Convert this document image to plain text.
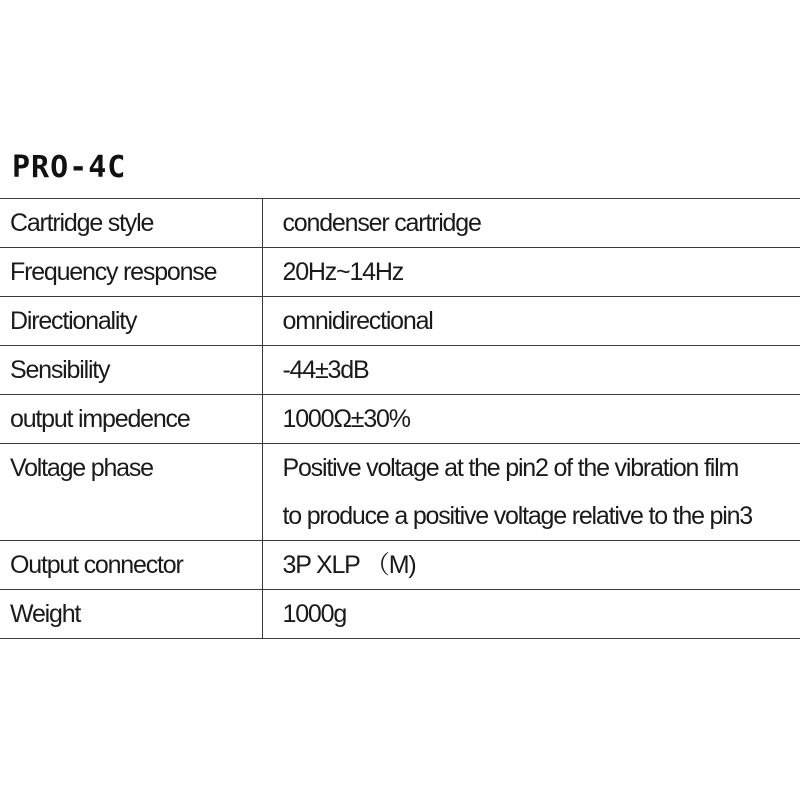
PRO-4C
Cartridge style	condenser cartridge

Frequency response	20Hz~14Hz

Directionality	omnidirectional

Sensibility	-44±3dB

output impedence	1000Ω±30%

Voltage phase	Positive voltage at the pin2 of the vibration film
to produce a positive voltage relative to the pin3

Output connector	3P XLP （M)

Weight	1000g
